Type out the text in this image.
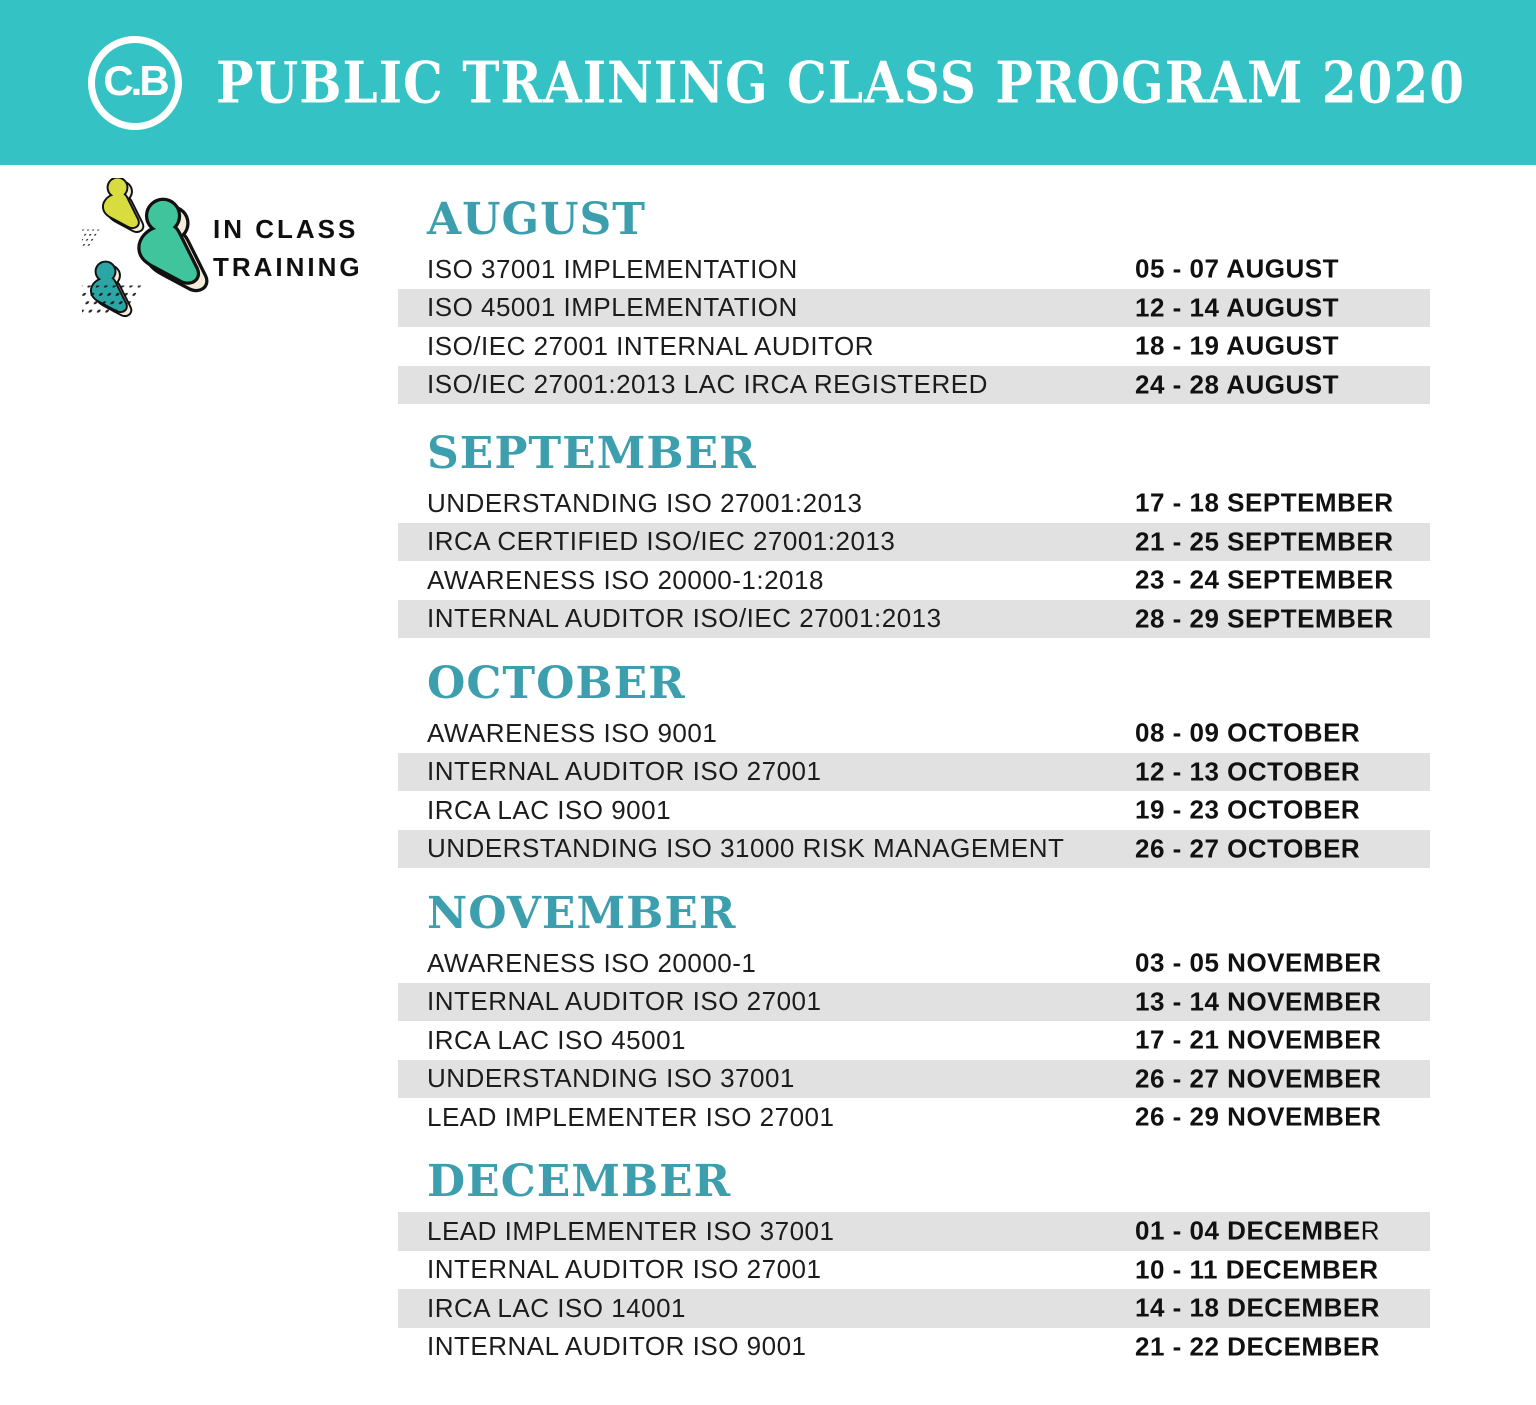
C.B PUBLIC TRAINING CLASS PROGRAM 2020
IN CLASS
TRAINING
AUGUST
ISO 37001 IMPLEMENTATION	05 - 07 AUGUST
ISO 45001 IMPLEMENTATION	12 - 14 AUGUST
ISO/IEC 27001 INTERNAL AUDITOR	18 - 19 AUGUST
ISO/IEC 27001:2013 LAC IRCA REGISTERED	24 - 28 AUGUST
SEPTEMBER
UNDERSTANDING ISO 27001:2013	17 - 18 SEPTEMBER
IRCA CERTIFIED ISO/IEC 27001:2013	21 - 25 SEPTEMBER
AWARENESS ISO 20000-1:2018	23 - 24 SEPTEMBER
INTERNAL AUDITOR ISO/IEC 27001:2013	28 - 29 SEPTEMBER
OCTOBER
AWARENESS ISO 9001	08 - 09 OCTOBER
INTERNAL AUDITOR ISO 27001	12 - 13 OCTOBER
IRCA LAC ISO 9001	19 - 23 OCTOBER
UNDERSTANDING ISO 31000 RISK MANAGEMENT	26 - 27 OCTOBER
NOVEMBER
AWARENESS ISO 20000-1	03 - 05 NOVEMBER
INTERNAL AUDITOR ISO 27001	13 - 14 NOVEMBER
IRCA LAC ISO 45001	17 - 21 NOVEMBER
UNDERSTANDING ISO 37001	26 - 27 NOVEMBER
LEAD IMPLEMENTER ISO 27001	26 - 29 NOVEMBER
DECEMBER
LEAD IMPLEMENTER ISO 37001	01 - 04 DECEMBER
INTERNAL AUDITOR ISO 27001	10 - 11 DECEMBER
IRCA LAC ISO 14001	14 - 18 DECEMBER
INTERNAL AUDITOR ISO 9001	21 - 22 DECEMBER
